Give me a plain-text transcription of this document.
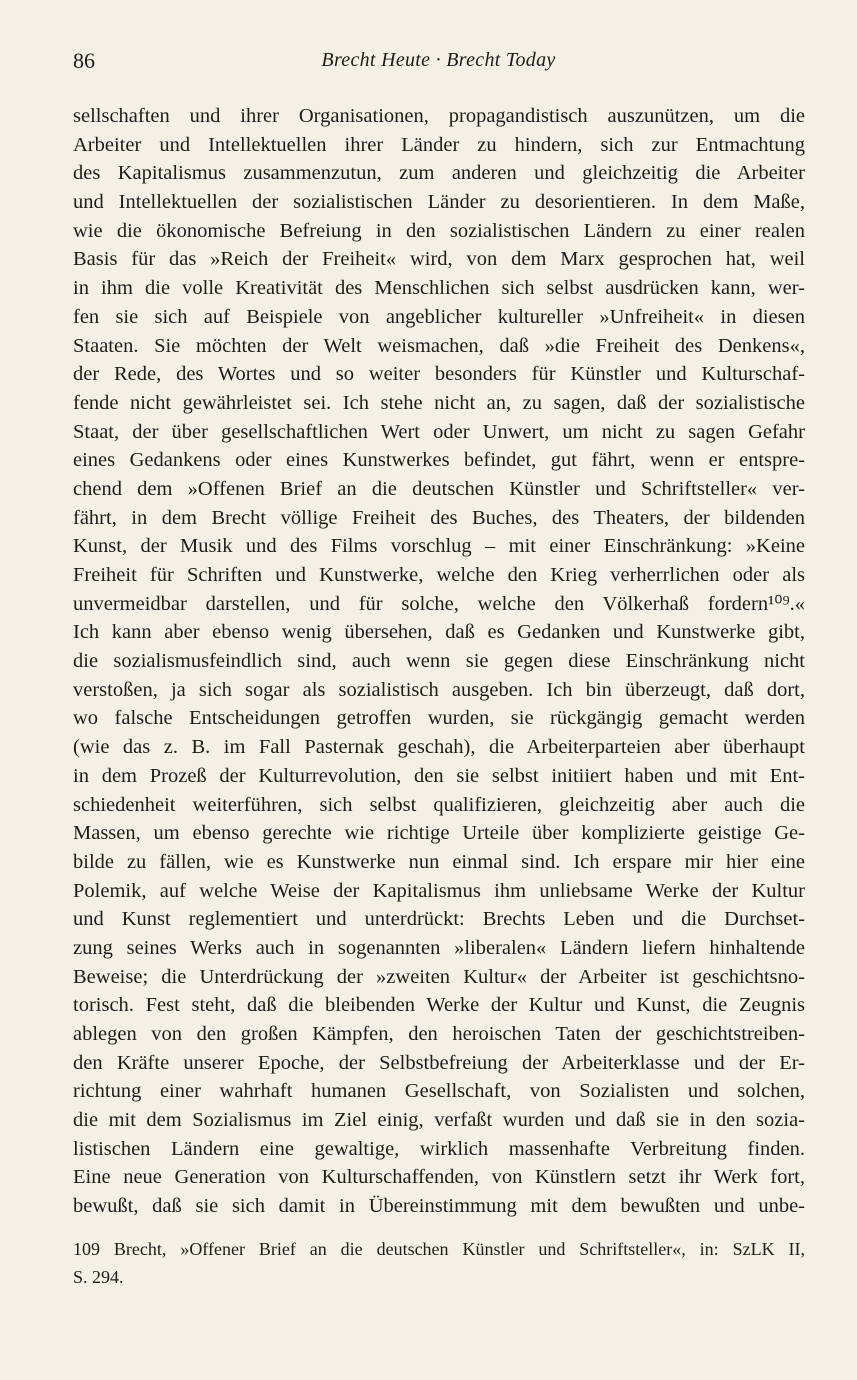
86	Brecht Heute · Brecht Today
sellschaften und ihrer Organisationen, propagandistisch auszunützen, um die
Arbeiter und Intellektuellen ihrer Länder zu hindern, sich zur Entmachtung
des Kapitalismus zusammenzutun, zum anderen und gleichzeitig die Arbeiter
und Intellektuellen der sozialistischen Länder zu desorientieren. In dem Maße,
wie die ökonomische Befreiung in den sozialistischen Ländern zu einer realen
Basis für das »Reich der Freiheit« wird, von dem Marx gesprochen hat, weil
in ihm die volle Kreativität des Menschlichen sich selbst ausdrücken kann, wer-
fen sie sich auf Beispiele von angeblicher kultureller »Unfreiheit« in diesen
Staaten. Sie möchten der Welt weismachen, daß »die Freiheit des Denkens«,
der Rede, des Wortes und so weiter besonders für Künstler und Kulturschaf-
fende nicht gewährleistet sei. Ich stehe nicht an, zu sagen, daß der sozialistische
Staat, der über gesellschaftlichen Wert oder Unwert, um nicht zu sagen Gefahr
eines Gedankens oder eines Kunstwerkes befindet, gut fährt, wenn er entspre-
chend dem »Offenen Brief an die deutschen Künstler und Schriftsteller« ver-
fährt, in dem Brecht völlige Freiheit des Buches, des Theaters, der bildenden
Kunst, der Musik und des Films vorschlug – mit einer Einschränkung: »Keine
Freiheit für Schriften und Kunstwerke, welche den Krieg verherrlichen oder als
unvermeidbar darstellen, und für solche, welche den Völkerhaß fordern¹⁰⁹.«
Ich kann aber ebenso wenig übersehen, daß es Gedanken und Kunstwerke gibt,
die sozialismusfeindlich sind, auch wenn sie gegen diese Einschränkung nicht
verstoßen, ja sich sogar als sozialistisch ausgeben. Ich bin überzeugt, daß dort,
wo falsche Entscheidungen getroffen wurden, sie rückgängig gemacht werden
(wie das z. B. im Fall Pasternak geschah), die Arbeiterparteien aber überhaupt
in dem Prozeß der Kulturrevolution, den sie selbst initiiert haben und mit Ent-
schiedenheit weiterführen, sich selbst qualifizieren, gleichzeitig aber auch die
Massen, um ebenso gerechte wie richtige Urteile über komplizierte geistige Ge-
bilde zu fällen, wie es Kunstwerke nun einmal sind. Ich erspare mir hier eine
Polemik, auf welche Weise der Kapitalismus ihm unliebsame Werke der Kultur
und Kunst reglementiert und unterdrückt: Brechts Leben und die Durchset-
zung seines Werks auch in sogenannten »liberalen« Ländern liefern hinhaltende
Beweise; die Unterdrückung der »zweiten Kultur« der Arbeiter ist geschichtsno-
torisch. Fest steht, daß die bleibenden Werke der Kultur und Kunst, die Zeugnis
ablegen von den großen Kämpfen, den heroischen Taten der geschichtstreiben-
den Kräfte unserer Epoche, der Selbstbefreiung der Arbeiterklasse und der Er-
richtung einer wahrhaft humanen Gesellschaft, von Sozialisten und solchen,
die mit dem Sozialismus im Ziel einig, verfaßt wurden und daß sie in den sozia-
listischen Ländern eine gewaltige, wirklich massenhafte Verbreitung finden.
Eine neue Generation von Kulturschaffenden, von Künstlern setzt ihr Werk fort,
bewußt, daß sie sich damit in Übereinstimmung mit dem bewußten und unbe-
109 Brecht, »Offener Brief an die deutschen Künstler und Schriftsteller«, in: SzLK II,
S. 294.
